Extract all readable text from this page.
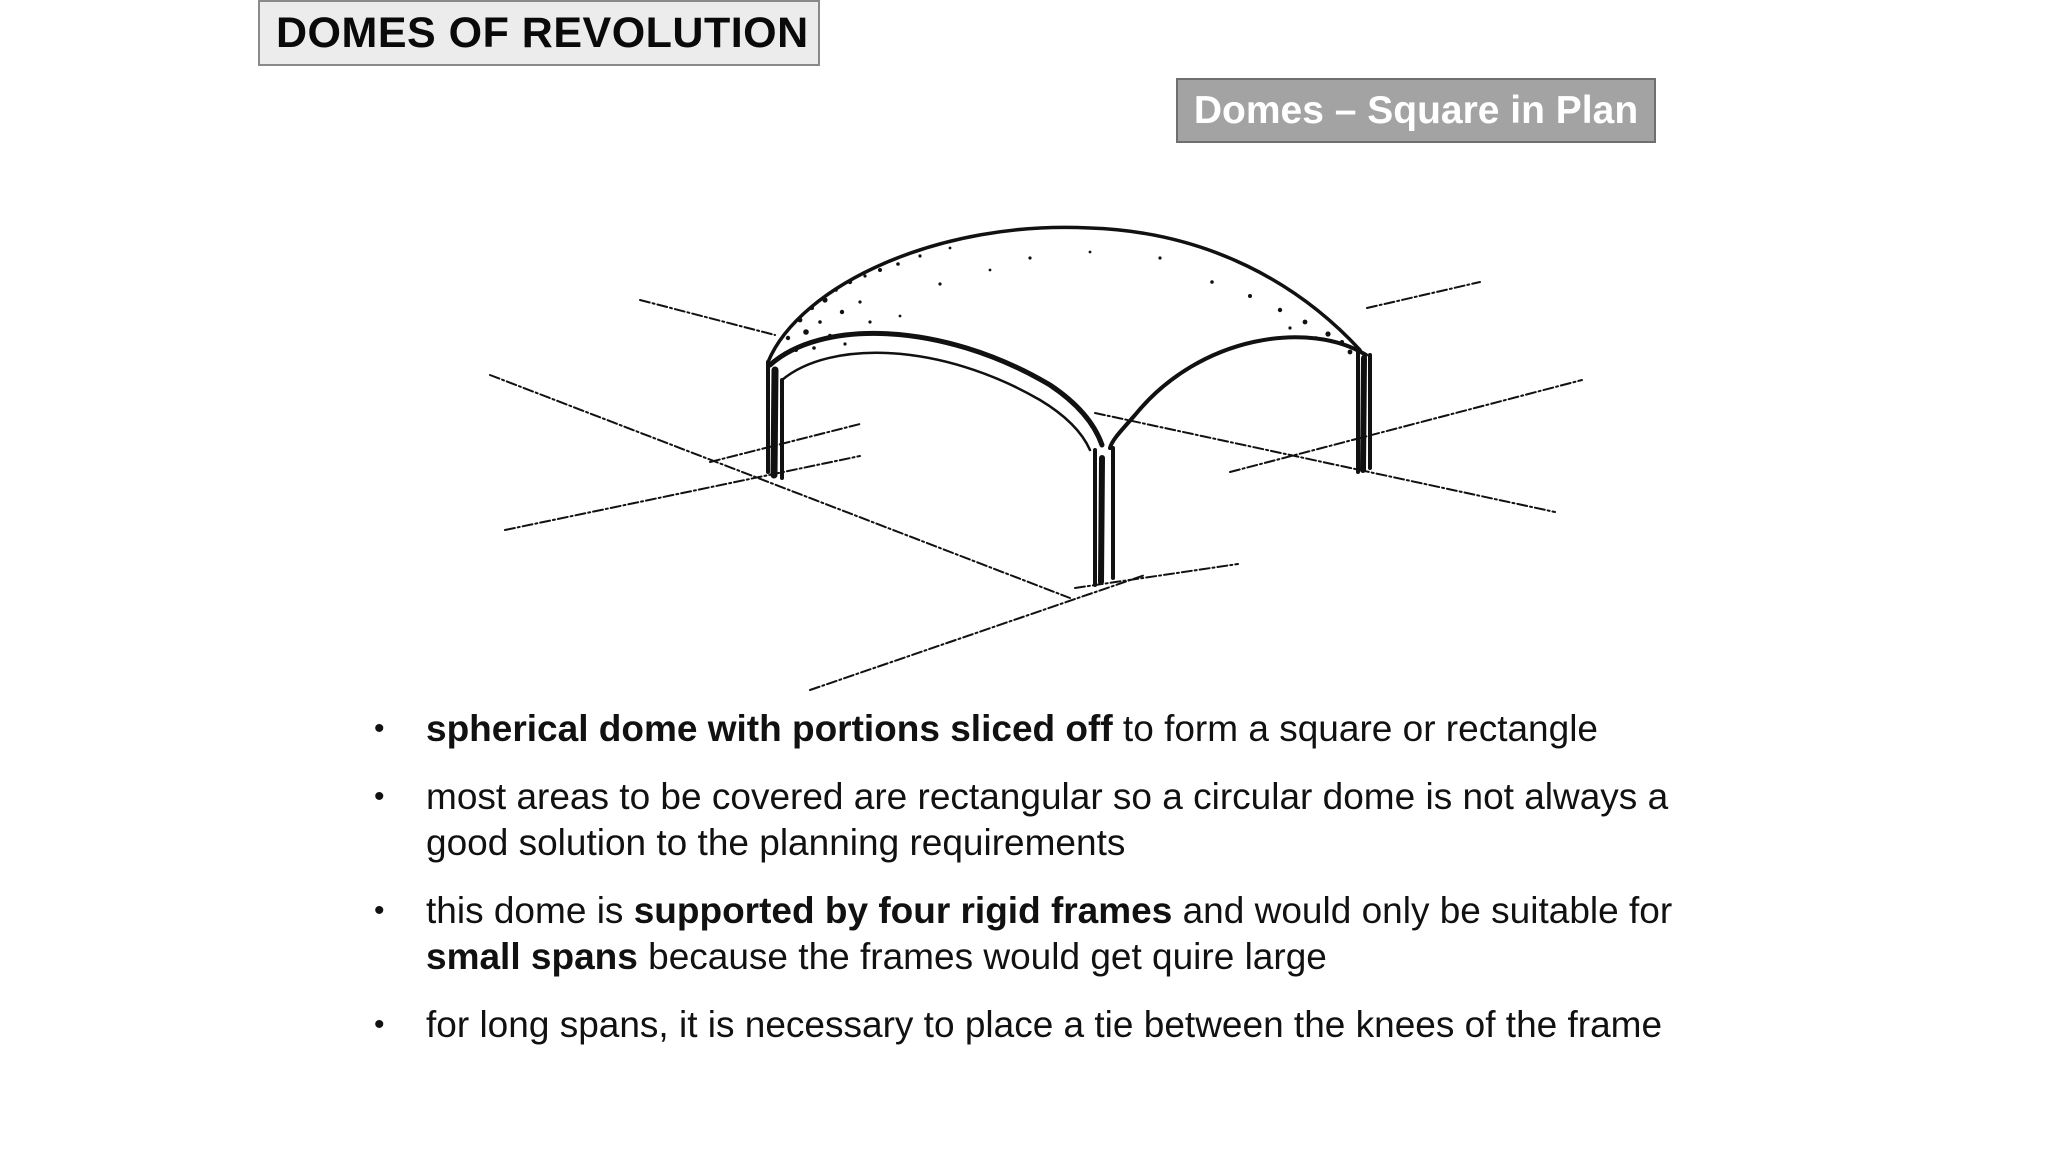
DOMES OF REVOLUTION
Domes – Square in Plan
• spherical dome with portions sliced off to form a square or rectangle
• most areas to be covered are rectangular so a circular dome is not always a good solution to the planning requirements
• this dome is supported by four rigid frames and would only be suitable for small spans because the frames would get quire large
• for long spans, it is necessary to place a tie between the knees of the frame
